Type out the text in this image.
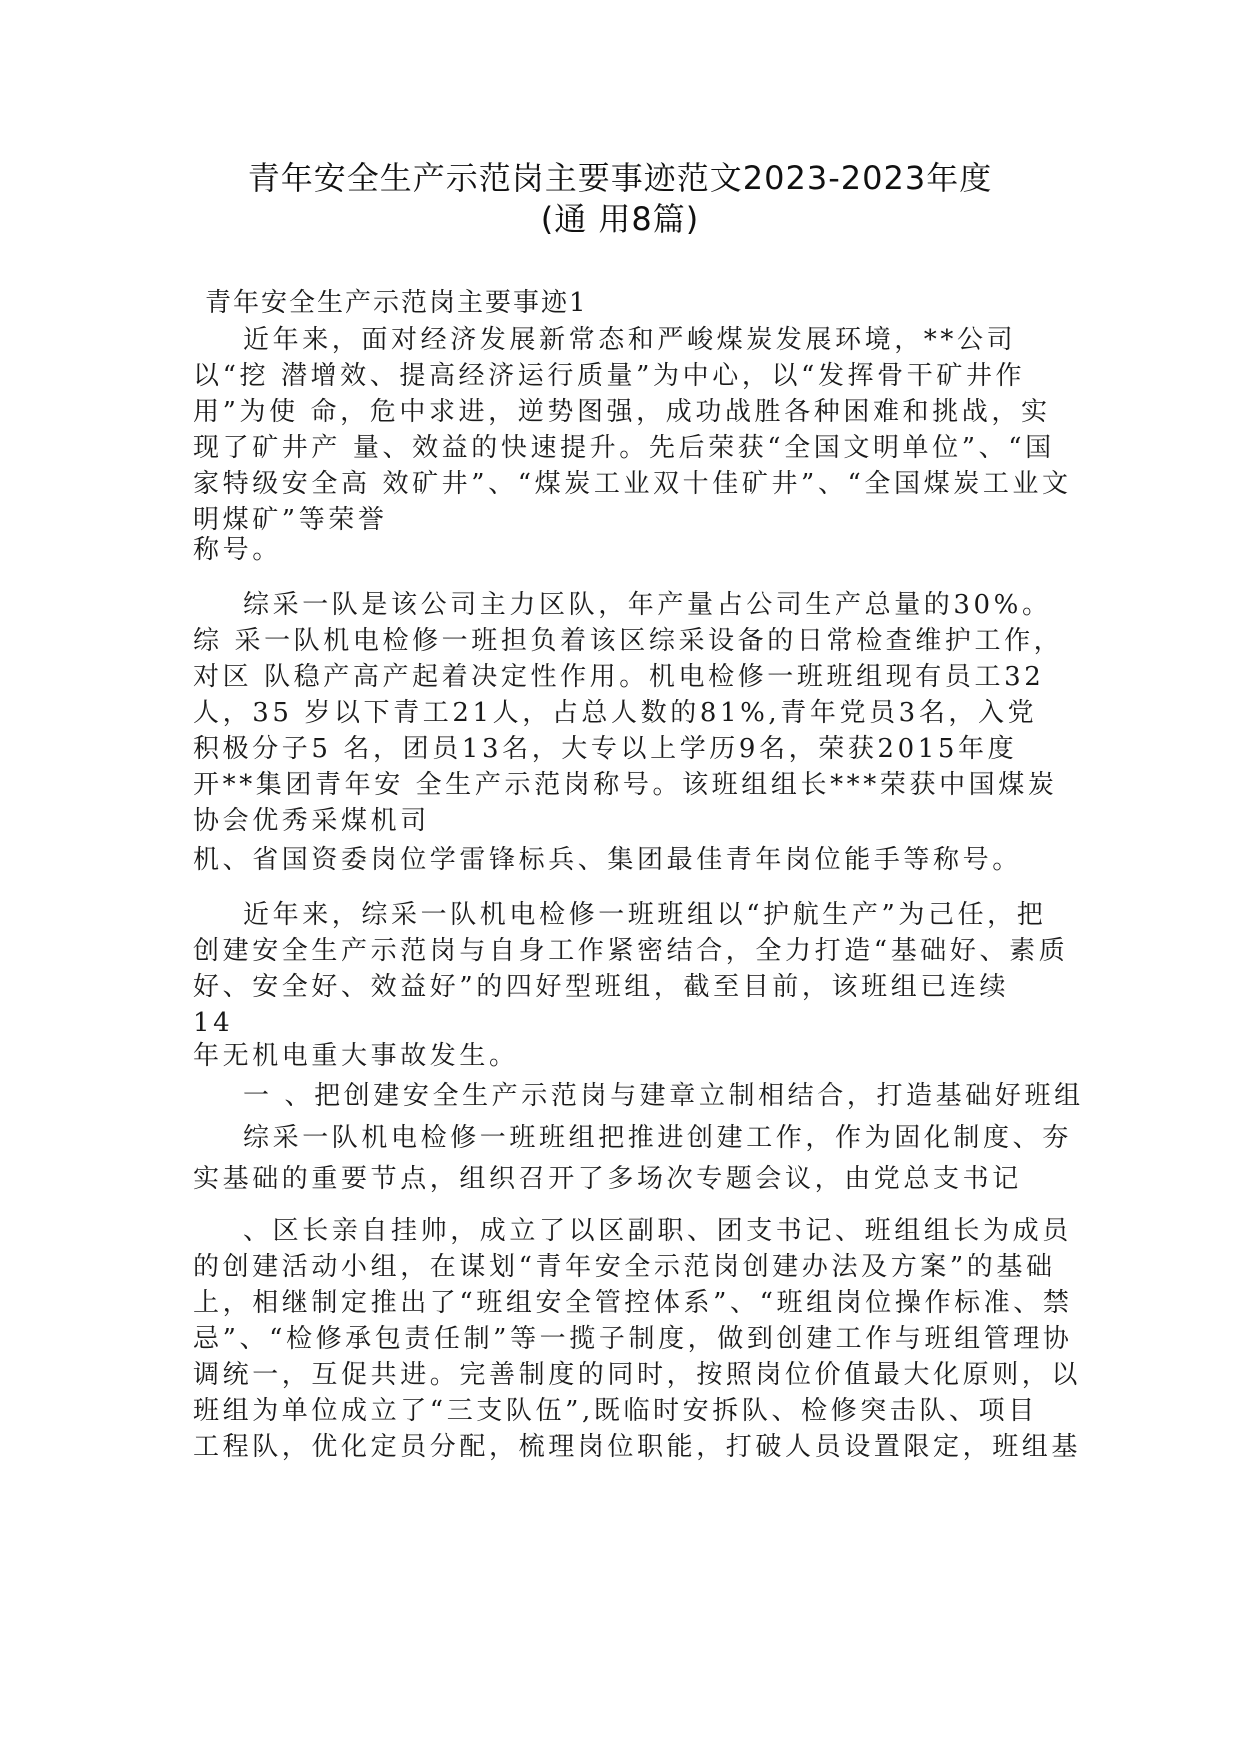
青年安全生产示范岗主要事迹范文2023-2023年度
(通 用8篇)
青年安全生产示范岗主要事迹1
近年来，面对经济发展新常态和严峻煤炭发展环境，**公司
以“挖 潜增效、提高经济运行质量”为中心，以“发挥骨干矿井作
用”为使 命，危中求进，逆势图强，成功战胜各种困难和挑战，实
现了矿井产 量、效益的快速提升。先后荣获“全国文明单位”、“国
家特级安全高 效矿井”、“煤炭工业双十佳矿井”、“全国煤炭工业文
明煤矿”等荣誉
称号。
综采一队是该公司主力区队，年产量占公司生产总量的30%。
综 采一队机电检修一班担负着该区综采设备的日常检查维护工作，
对区 队稳产高产起着决定性作用。机电检修一班班组现有员工32
人，35 岁以下青工21人，占总人数的81%,青年党员3名，入党
积极分子5 名，团员13名，大专以上学历9名，荣获2015年度
开**集团青年安 全生产示范岗称号。该班组组长***荣获中国煤炭
协会优秀采煤机司
机、省国资委岗位学雷锋标兵、集团最佳青年岗位能手等称号。
近年来，综采一队机电检修一班班组以“护航生产”为己任，把
创建安全生产示范岗与自身工作紧密结合，全力打造“基础好、素质
好、安全好、效益好”的四好型班组，截至目前，该班组已连续
14
年无机电重大事故发生。
一 、把创建安全生产示范岗与建章立制相结合，打造基础好班组
综采一队机电检修一班班组把推进创建工作，作为固化制度、夯
实基础的重要节点，组织召开了多场次专题会议，由党总支书记
、区长亲自挂帅，成立了以区副职、团支书记、班组组长为成员
的创建活动小组，在谋划“青年安全示范岗创建办法及方案”的基础
上，相继制定推出了“班组安全管控体系”、“班组岗位操作标准、禁
忌”、“检修承包责任制”等一揽子制度，做到创建工作与班组管理协
调统一，互促共进。完善制度的同时，按照岗位价值最大化原则，以
班组为单位成立了“三支队伍”,既临时安拆队、检修突击队、项目
工程队，优化定员分配，梳理岗位职能，打破人员设置限定，班组基
